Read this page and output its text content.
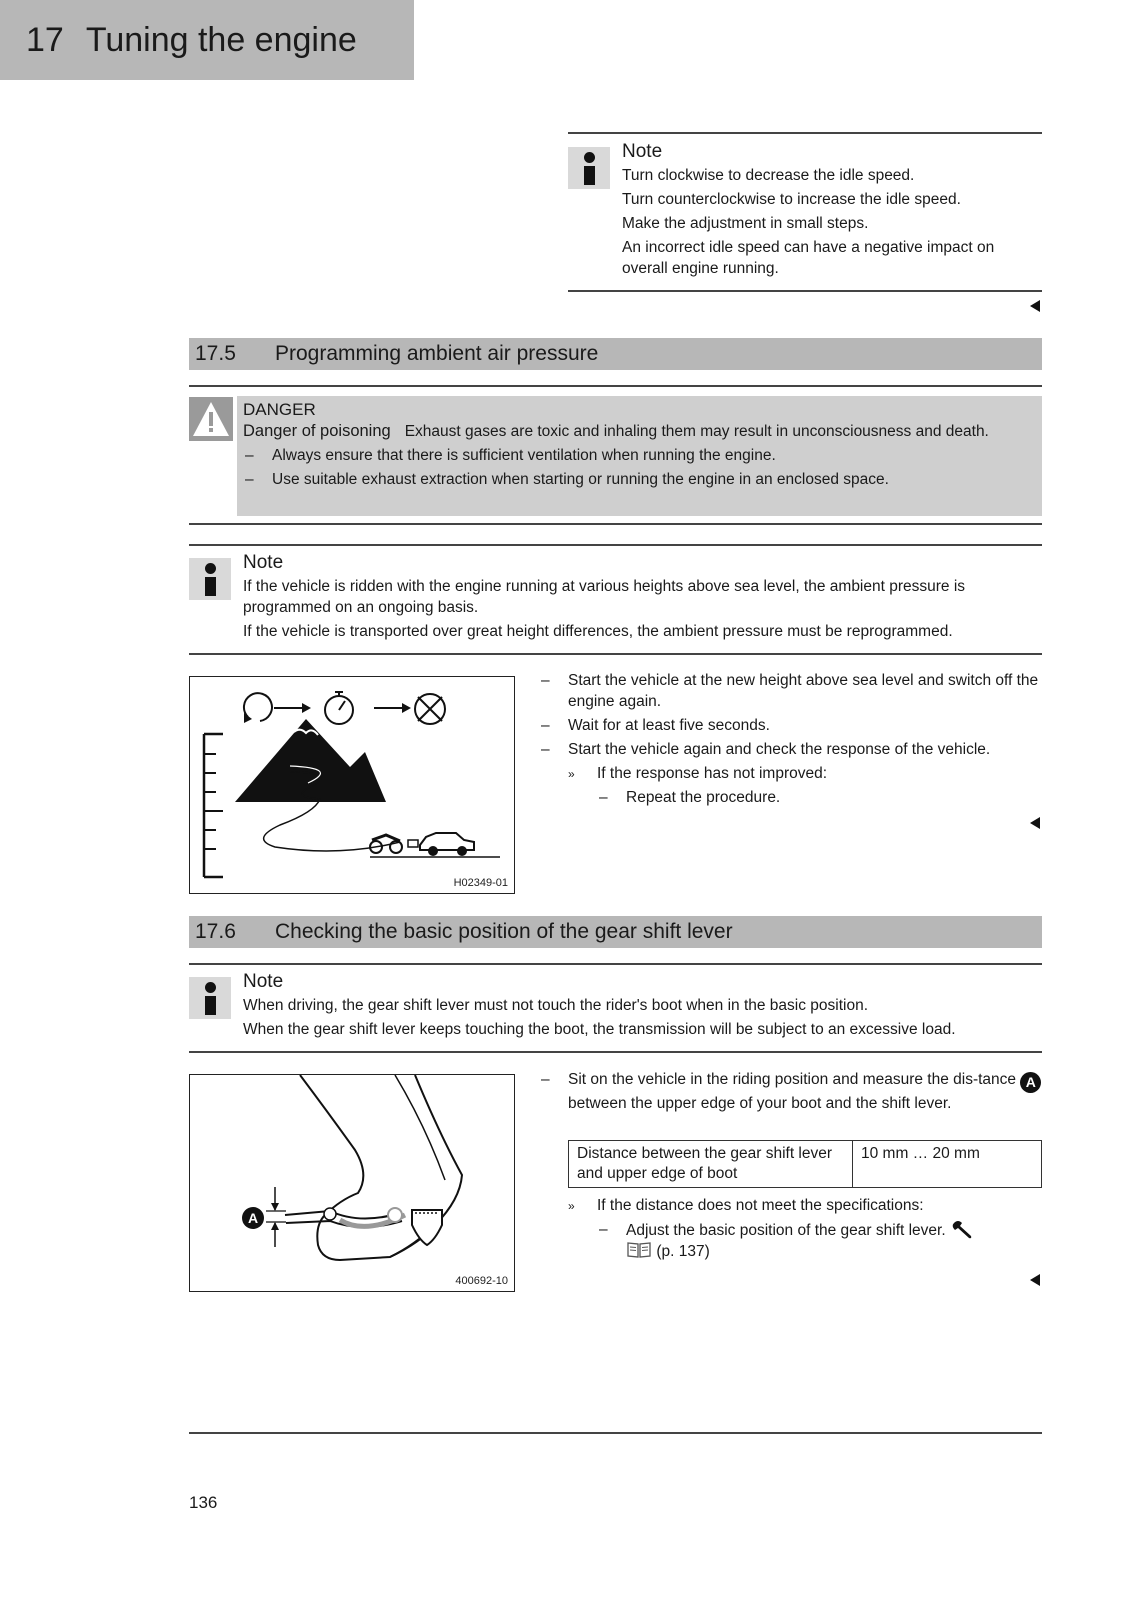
17 Tuning the engine
Note

Turn clockwise to decrease the idle speed.

Turn counterclockwise to increase the idle speed.

Make the adjustment in small steps.

An incorrect idle speed can have a negative impact on overall engine running.

17.5	Programming ambient air pressure
DANGER
Danger of poisoning Exhaust gases are toxic and inhaling them may result in unconsciousness and death.
– Always ensure that there is sufficient ventilation when running the engine.
– Use suitable exhaust extraction when starting or running the engine in an enclosed space.
Note

If the vehicle is ridden with the engine running at various heights above sea level, the ambient pressure is programmed on an ongoing basis.

If the vehicle is transported over great height differences, the ambient pressure must be reprogrammed.

H02349-01
– Start the vehicle at the new height above sea level and switch off the engine again.
– Wait for at least five seconds.
– Start the vehicle again and check the response of the vehicle.
» If the response has not improved:
– Repeat the procedure.
17.6	Checking the basic position of the gear shift lever
Note

When driving, the gear shift lever must not touch the rider's boot when in the basic position.

When the gear shift lever keeps touching the boot, the transmission will be subject to an excessive load.

A
400692-10
– Sit on the vehicle in the riding position and measure the dis-tance A between the upper edge of your boot and the shift lever.
Distance between the gear shift lever and upper edge of boot	10 mm … 20 mm
» If the distance does not meet the specifications:
– Adjust the basic position of the gear shift lever.
(p. 137)
136
